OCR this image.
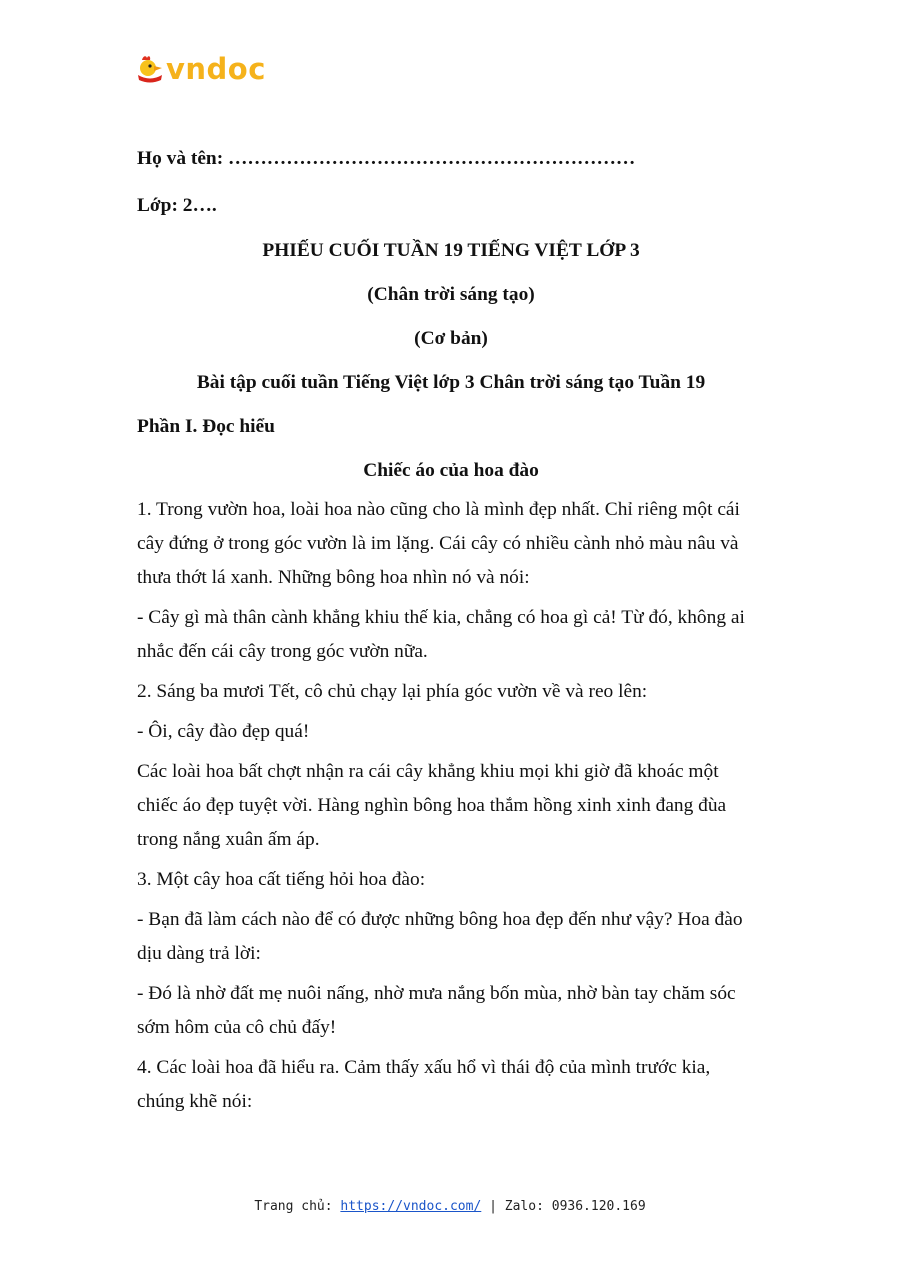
vndoc

Họ và tên: ………………………………………………………

Lớp: 2….

PHIẾU CUỐI TUẦN 19 TIẾNG VIỆT LỚP 3

(Chân trời sáng tạo)

(Cơ bản)

Bài tập cuối tuần Tiếng Việt lớp 3 Chân trời sáng tạo Tuần 19

Phần I. Đọc hiểu

Chiếc áo của hoa đào

1. Trong vườn hoa, loài hoa nào cũng cho là mình đẹp nhất. Chỉ riêng một cái
cây đứng ở trong góc vườn là im lặng. Cái cây có nhiều cành nhỏ màu nâu và
thưa thớt lá xanh. Những bông hoa nhìn nó và nói:
- Cây gì mà thân cành khẳng khiu thế kia, chẳng có hoa gì cả! Từ đó, không ai
nhắc đến cái cây trong góc vườn nữa.
2. Sáng ba mươi Tết, cô chủ chạy lại phía góc vườn về và reo lên:
- Ôi, cây đào đẹp quá!
Các loài hoa bất chợt nhận ra cái cây khẳng khiu mọi khi giờ đã khoác một
chiếc áo đẹp tuyệt vời. Hàng nghìn bông hoa thắm hồng xinh xinh đang đùa
trong nắng xuân ấm áp.
3. Một cây hoa cất tiếng hỏi hoa đào:
- Bạn đã làm cách nào để có được những bông hoa đẹp đến như vậy? Hoa đào
dịu dàng trả lời:
- Đó là nhờ đất mẹ nuôi nấng, nhờ mưa nắng bốn mùa, nhờ bàn tay chăm sóc
sớm hôm của cô chủ đấy!
4. Các loài hoa đã hiểu ra. Cảm thấy xấu hổ vì thái độ của mình trước kia,
chúng khẽ nói:
Trang chủ: https://vndoc.com/ | Zalo: 0936.120.169
